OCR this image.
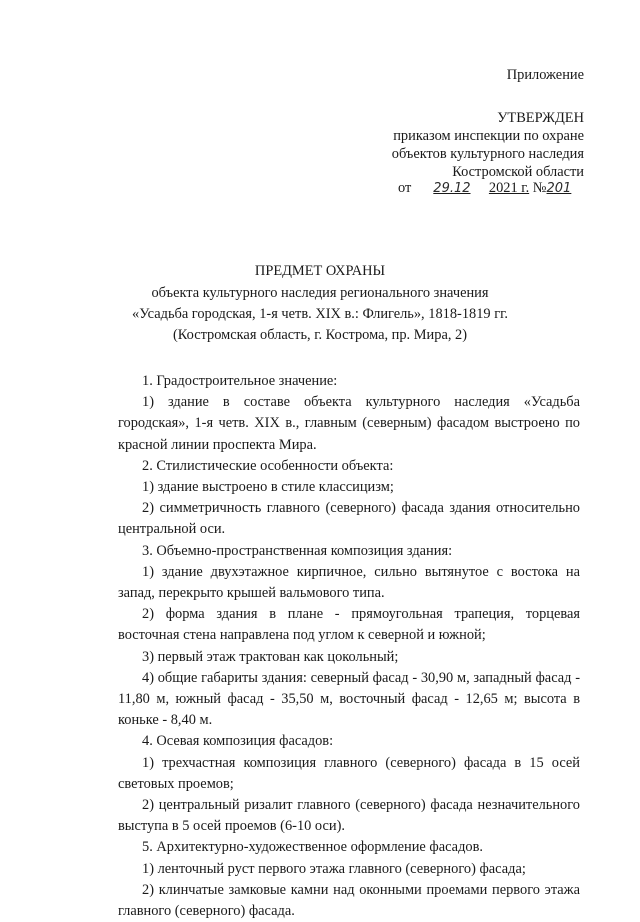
Приложение
УТВЕРЖДЕН
приказом инспекции по охране
объектов культурного наследия
Костромской области
от 29.12 2021 г. №201
ПРЕДМЕТ ОХРАНЫ
объекта культурного наследия регионального значения
«Усадьба городская, 1-я четв. XIX в.: Флигель», 1818-1819 гг.
(Костромская область, г. Кострома, пр. Мира, 2)

1. Градостроительное значение:

1) здание в составе объекта культурного наследия «Усадьба городская», 1-я четв. XIX в., главным (северным) фасадом выстроено по красной линии проспекта Мира.

2. Стилистические особенности объекта:

1) здание выстроено в стиле классицизм;

2) симметричность главного (северного) фасада здания относительно центральной оси.

3. Объемно-пространственная композиция здания:

1) здание двухэтажное кирпичное, сильно вытянутое с востока на запад, перекрыто крышей вальмового типа.

2) форма здания в плане - прямоугольная трапеция, торцевая восточная стена направлена под углом к северной и южной;

3) первый этаж трактован как цокольный;

4) общие габариты здания: северный фасад - 30,90 м, западный фасад - 11,80 м, южный фасад - 35,50 м, восточный фасад - 12,65 м; высота в коньке - 8,40 м.

4. Осевая композиция фасадов:

1) трехчастная композиция главного (северного) фасада в 15 осей световых проемов;

2) центральный ризалит главного (северного) фасада незначительного выступа в 5 осей проемов (6-10 оси).

5. Архитектурно-художественное оформление фасадов.

1) ленточный руст первого этажа главного (северного) фасада;

2) клинчатые замковые камни над оконными проемами первого этажа главного (северного) фасада.
